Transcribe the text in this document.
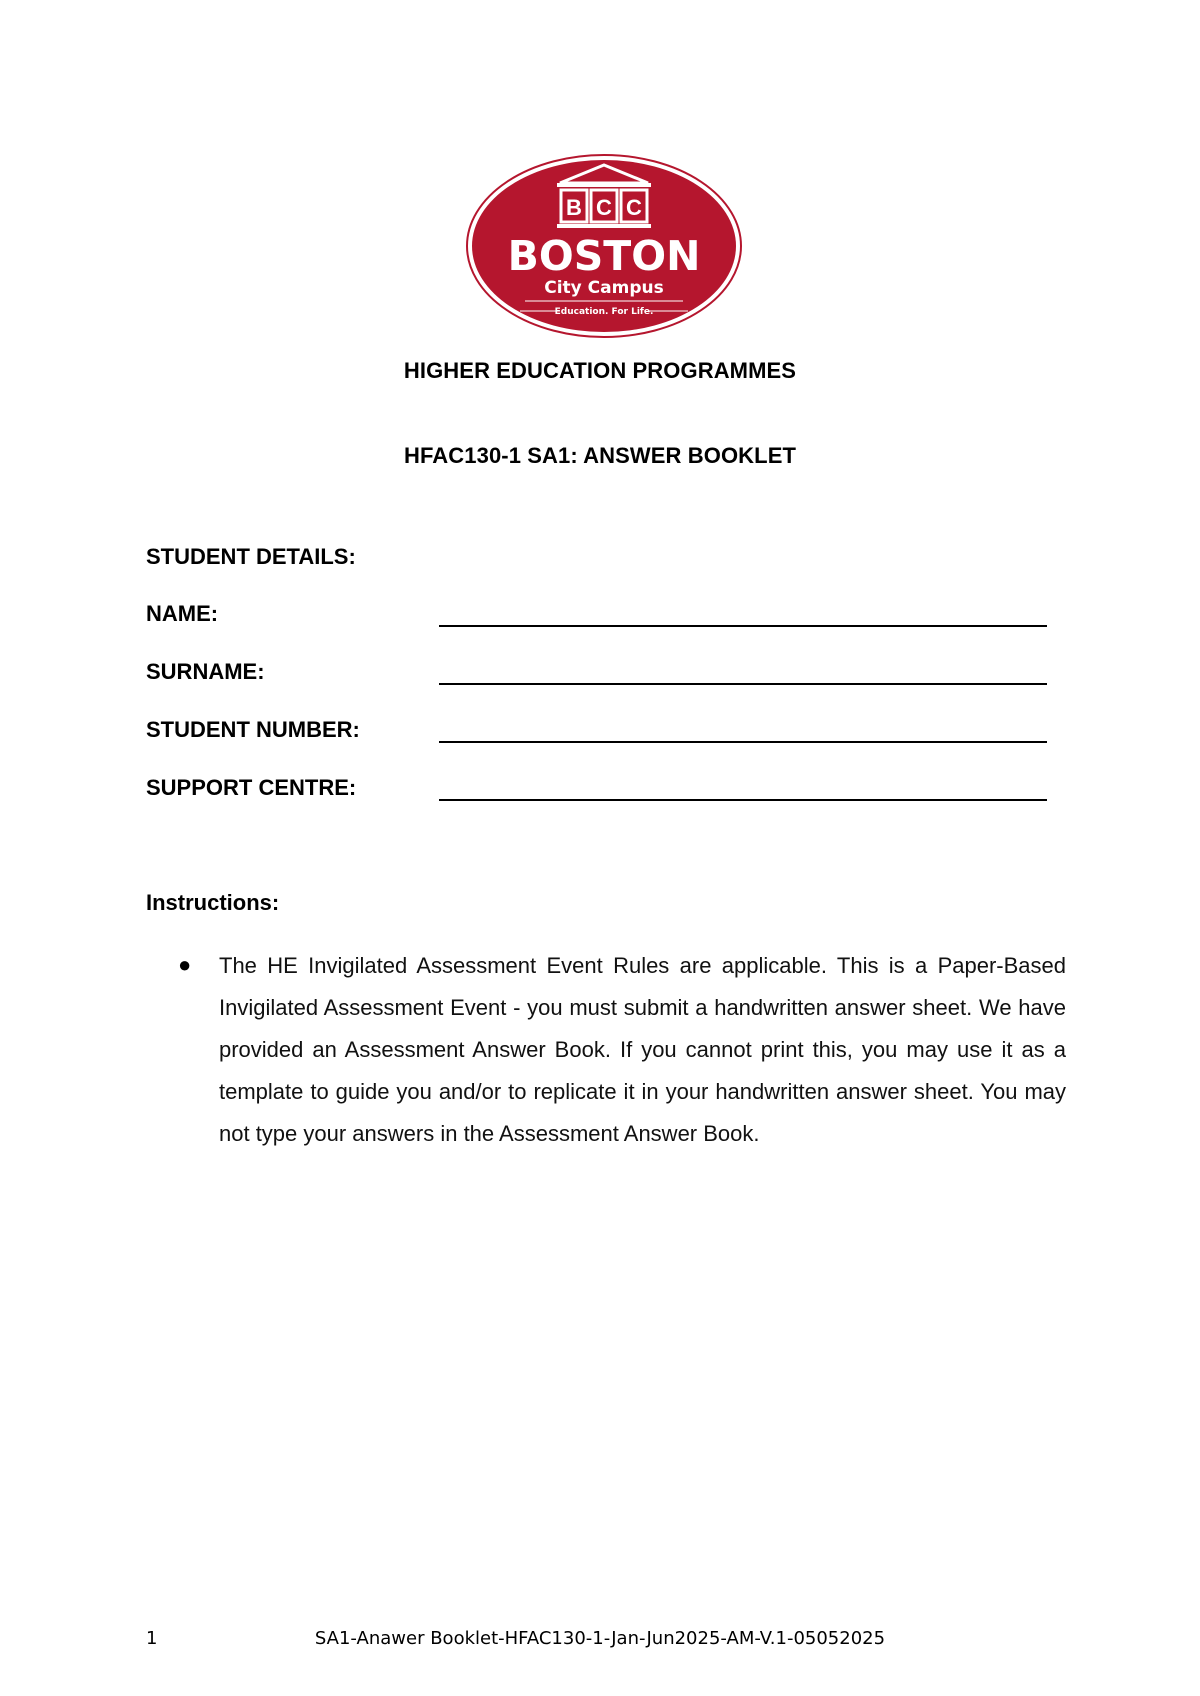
B C C
BOSTON
City Campus
Education. For Life.
HIGHER EDUCATION PROGRAMMES
HFAC130-1 SA1: ANSWER BOOKLET
STUDENT DETAILS:
NAME:
SURNAME:
STUDENT NUMBER:
SUPPORT CENTRE:
Instructions:
● The HE Invigilated Assessment Event Rules are applicable. This is a Paper-Based Invigilated Assessment Event - you must submit a handwritten answer sheet. We have provided an Assessment Answer Book. If you cannot print this, you may use it as a template to guide you and/or to replicate it in your handwritten answer sheet. You may not type your answers in the Assessment Answer Book.
1	SA1-Anawer Booklet-HFAC130-1-Jan-Jun2025-AM-V.1-05052025
